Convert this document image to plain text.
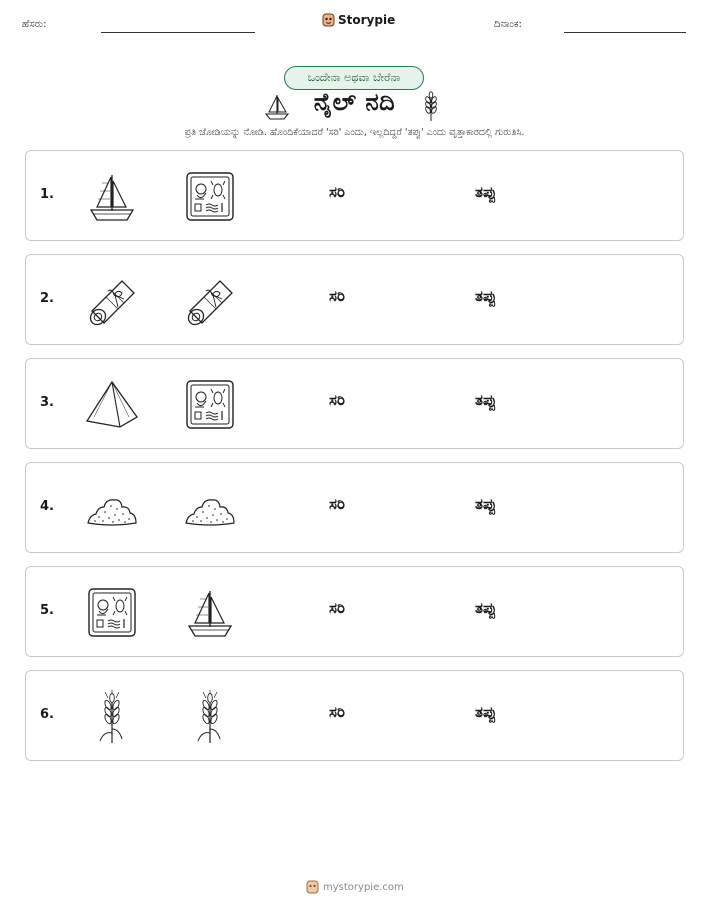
ಹೆಸರು:	Storypie	ದಿನಾಂಕ:
ಒಂದೇನಾ ಅಥವಾ ಬೇರೆನಾ
ನೈಲ್ ನದಿ
ಪ್ರತಿ ಜೋಡಿಯನ್ನು ನೋಡಿ. ಹೊಂದಿಕೆಯಾದರೆ 'ಸರಿ' ಎಂದು, ಇಲ್ಲದಿದ್ದರೆ 'ತಪ್ಪು' ಎಂದು ವೃತ್ತಾಕಾರದಲ್ಲಿ ಗುರುತಿಸಿ.
1.	ಸರಿ	ತಪ್ಪು
2.	ಸರಿ	ತಪ್ಪು
3.	ಸರಿ	ತಪ್ಪು
4.	ಸರಿ	ತಪ್ಪು
5.	ಸರಿ	ತಪ್ಪು
6.	ಸರಿ	ತಪ್ಪು
mystorypie.com
